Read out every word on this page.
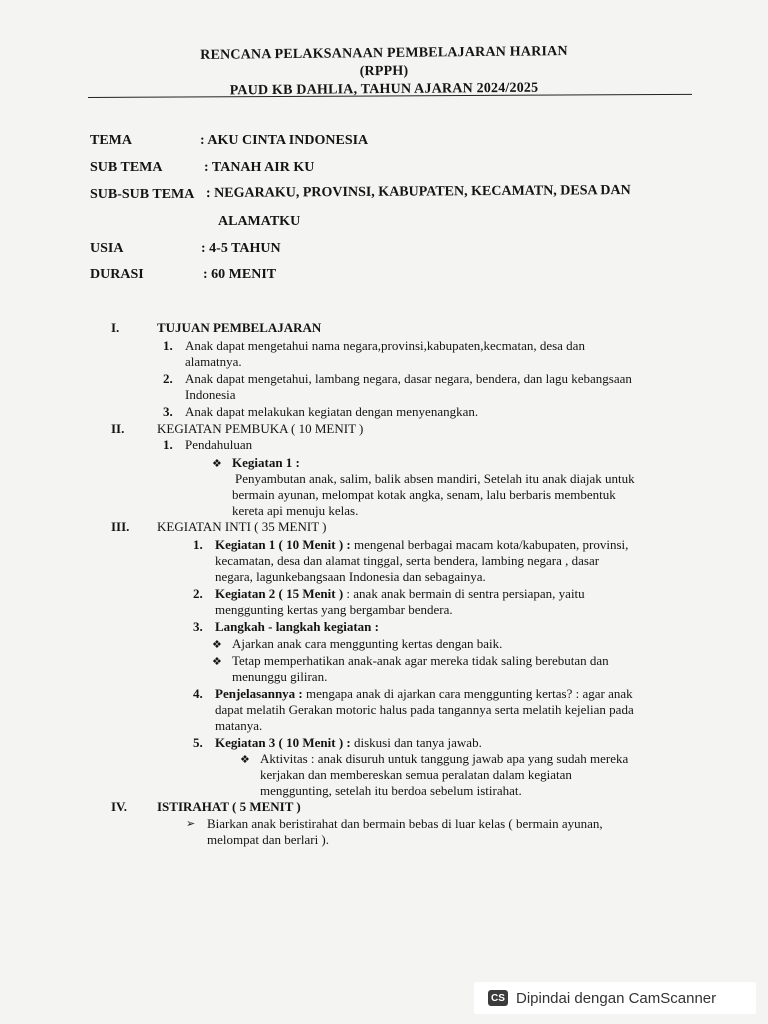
RENCANA PELAKSANAAN PEMBELAJARAN HARIAN
(RPPH)
PAUD KB DAHLIA, TAHUN AJARAN 2024/2025
TEMA	: AKU CINTA INDONESIA
SUB TEMA	: TANAH AIR KU
SUB-SUB TEMA : NEGARAKU, PROVINSI, KABUPATEN, KECAMATN, DESA DAN
ALAMATKU
USIA	: 4-5 TAHUN
DURASI	: 60 MENIT
I.	TUJUAN PEMBELAJARAN
1. Anak dapat mengetahui nama negara,provinsi,kabupaten,kecmatan, desa dan
alamatnya.
2. Anak dapat mengetahui, lambang negara, dasar negara, bendera, dan lagu kebangsaan
Indonesia
3. Anak dapat melakukan kegiatan dengan menyenangkan.
II.	KEGIATAN PEMBUKA ( 10 MENIT )
1. Pendahuluan
❖ Kegiatan 1 :
Penyambutan anak, salim, balik absen mandiri, Setelah itu anak diajak untuk
bermain ayunan, melompat kotak angka, senam, lalu berbaris membentuk
kereta api menuju kelas.
III. KEGIATAN INTI ( 35 MENIT )
1. Kegiatan 1 ( 10 Menit ) : mengenal berbagai macam kota/kabupaten, provinsi,
kecamatan, desa dan alamat tinggal, serta bendera, lambing negara , dasar
negara, lagunkebangsaan Indonesia dan sebagainya.
2. Kegiatan 2 ( 15 Menit ) : anak anak bermain di sentra persiapan, yaitu
menggunting kertas yang bergambar bendera.
3. Langkah - langkah kegiatan :
❖ Ajarkan anak cara menggunting kertas dengan baik.
❖ Tetap memperhatikan anak-anak agar mereka tidak saling berebutan dan
menunggu giliran.
4. Penjelasannya : mengapa anak di ajarkan cara menggunting kertas? : agar anak
dapat melatih Gerakan motoric halus pada tangannya serta melatih kejelian pada
matanya.
5. Kegiatan 3 ( 10 Menit ) : diskusi dan tanya jawab.
❖ Aktivitas : anak disuruh untuk tanggung jawab apa yang sudah mereka
kerjakan dan membereskan semua peralatan dalam kegiatan
menggunting, setelah itu berdoa sebelum istirahat.
IV. ISTIRAHAT ( 5 MENIT )
➢ Biarkan anak beristirahat dan bermain bebas di luar kelas ( bermain ayunan,
melompat dan berlari ).
CS Dipindai dengan CamScanner
